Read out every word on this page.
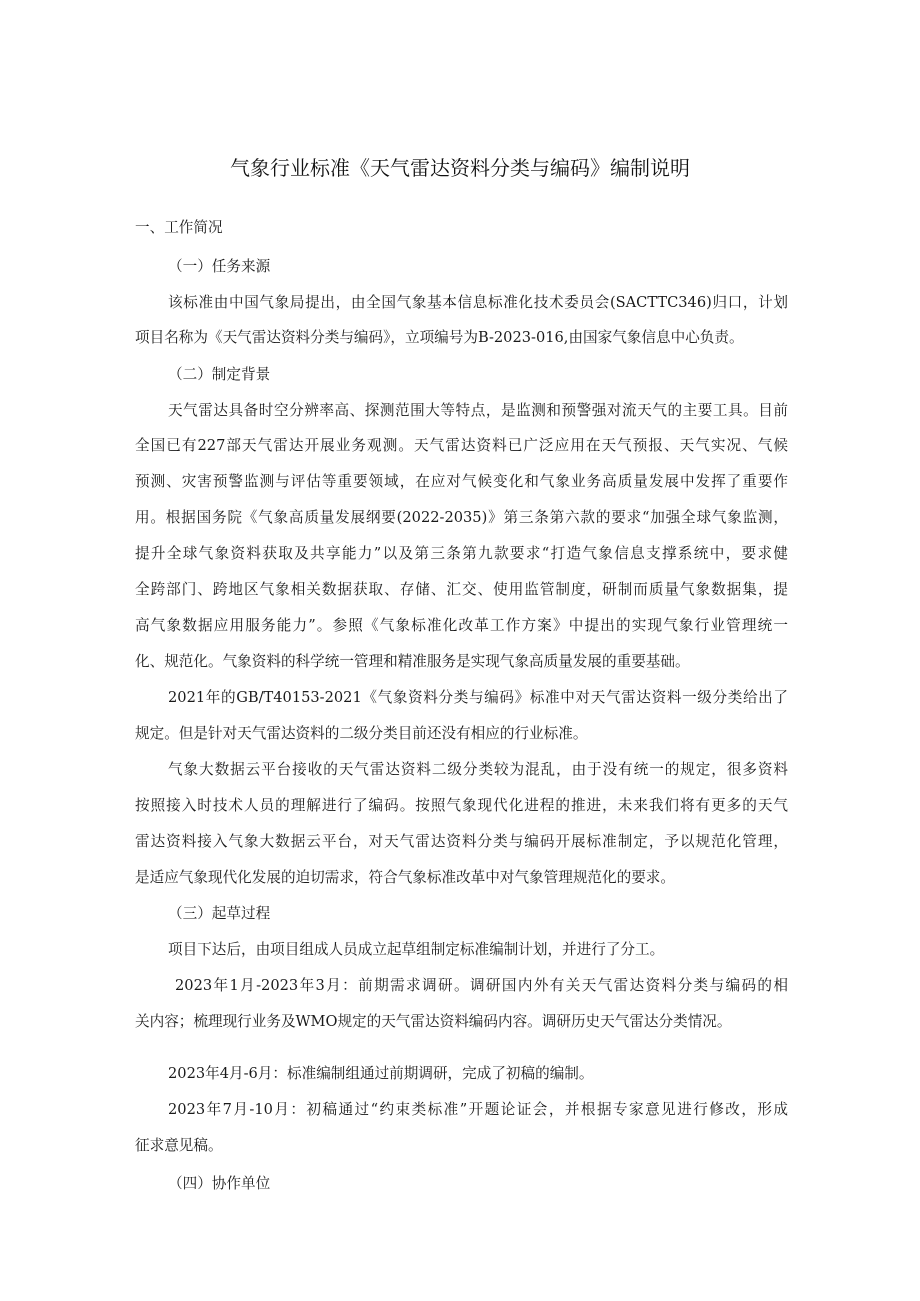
气象行业标准《天气雷达资料分类与编码》编制说明
一、工作简况
（一）任务来源
该标准由中国气象局提出，由全国气象基本信息标准化技术委员会(SACTTC346)归口，计划
项目名称为《天气雷达资料分类与编码》，立项编号为B-2023-016,由国家气象信息中心负责。
（二）制定背景
天气雷达具备时空分辨率高、探测范围大等特点，是监测和预警强对流天气的主要工具。目前
全国已有227部天气雷达开展业务观测。天气雷达资料已广泛应用在天气预报、天气实况、气候
预测、灾害预警监测与评估等重要领域，在应对气候变化和气象业务高质量发展中发挥了重要作
用。根据国务院《气象高质量发展纲要(2022-2035)》第三条第六款的要求“加强全球气象监测，
提升全球气象资料获取及共享能力”以及第三条第九款要求“打造气象信息支撑系统中，要求健
全跨部门、跨地区气象相关数据获取、存储、汇交、使用监管制度，研制而质量气象数据集，提
高气象数据应用服务能力”。参照《气象标准化改革工作方案》中提出的实现气象行业管理统一
化、规范化。气象资料的科学统一管理和精准服务是实现气象高质量发展的重要基础。
2021年的GB/T40153-2021《气象资料分类与编码》标准中对天气雷达资料一级分类给出了
规定。但是针对天气雷达资料的二级分类目前还没有相应的行业标准。
气象大数据云平台接收的天气雷达资料二级分类较为混乱，由于没有统一的规定，很多资料
按照接入时技术人员的理解进行了编码。按照气象现代化进程的推进，未来我们将有更多的天气
雷达资料接入气象大数据云平台，对天气雷达资料分类与编码开展标准制定，予以规范化管理，
是适应气象现代化发展的迫切需求，符合气象标准改革中对气象管理规范化的要求。
（三）起草过程
项目下达后，由项目组成人员成立起草组制定标准编制计划，并进行了分工。
2023年1月-2023年3月：前期需求调研。调研国内外有关天气雷达资料分类与编码的相
关内容；梳理现行业务及WMO规定的天气雷达资料编码内容。调研历史天气雷达分类情况。
2023年4月-6月：标准编制组通过前期调研，完成了初稿的编制。
2023年7月-10月：初稿通过“约束类标准”开题论证会，并根据专家意见进行修改，形成
征求意见稿。
（四）协作单位
